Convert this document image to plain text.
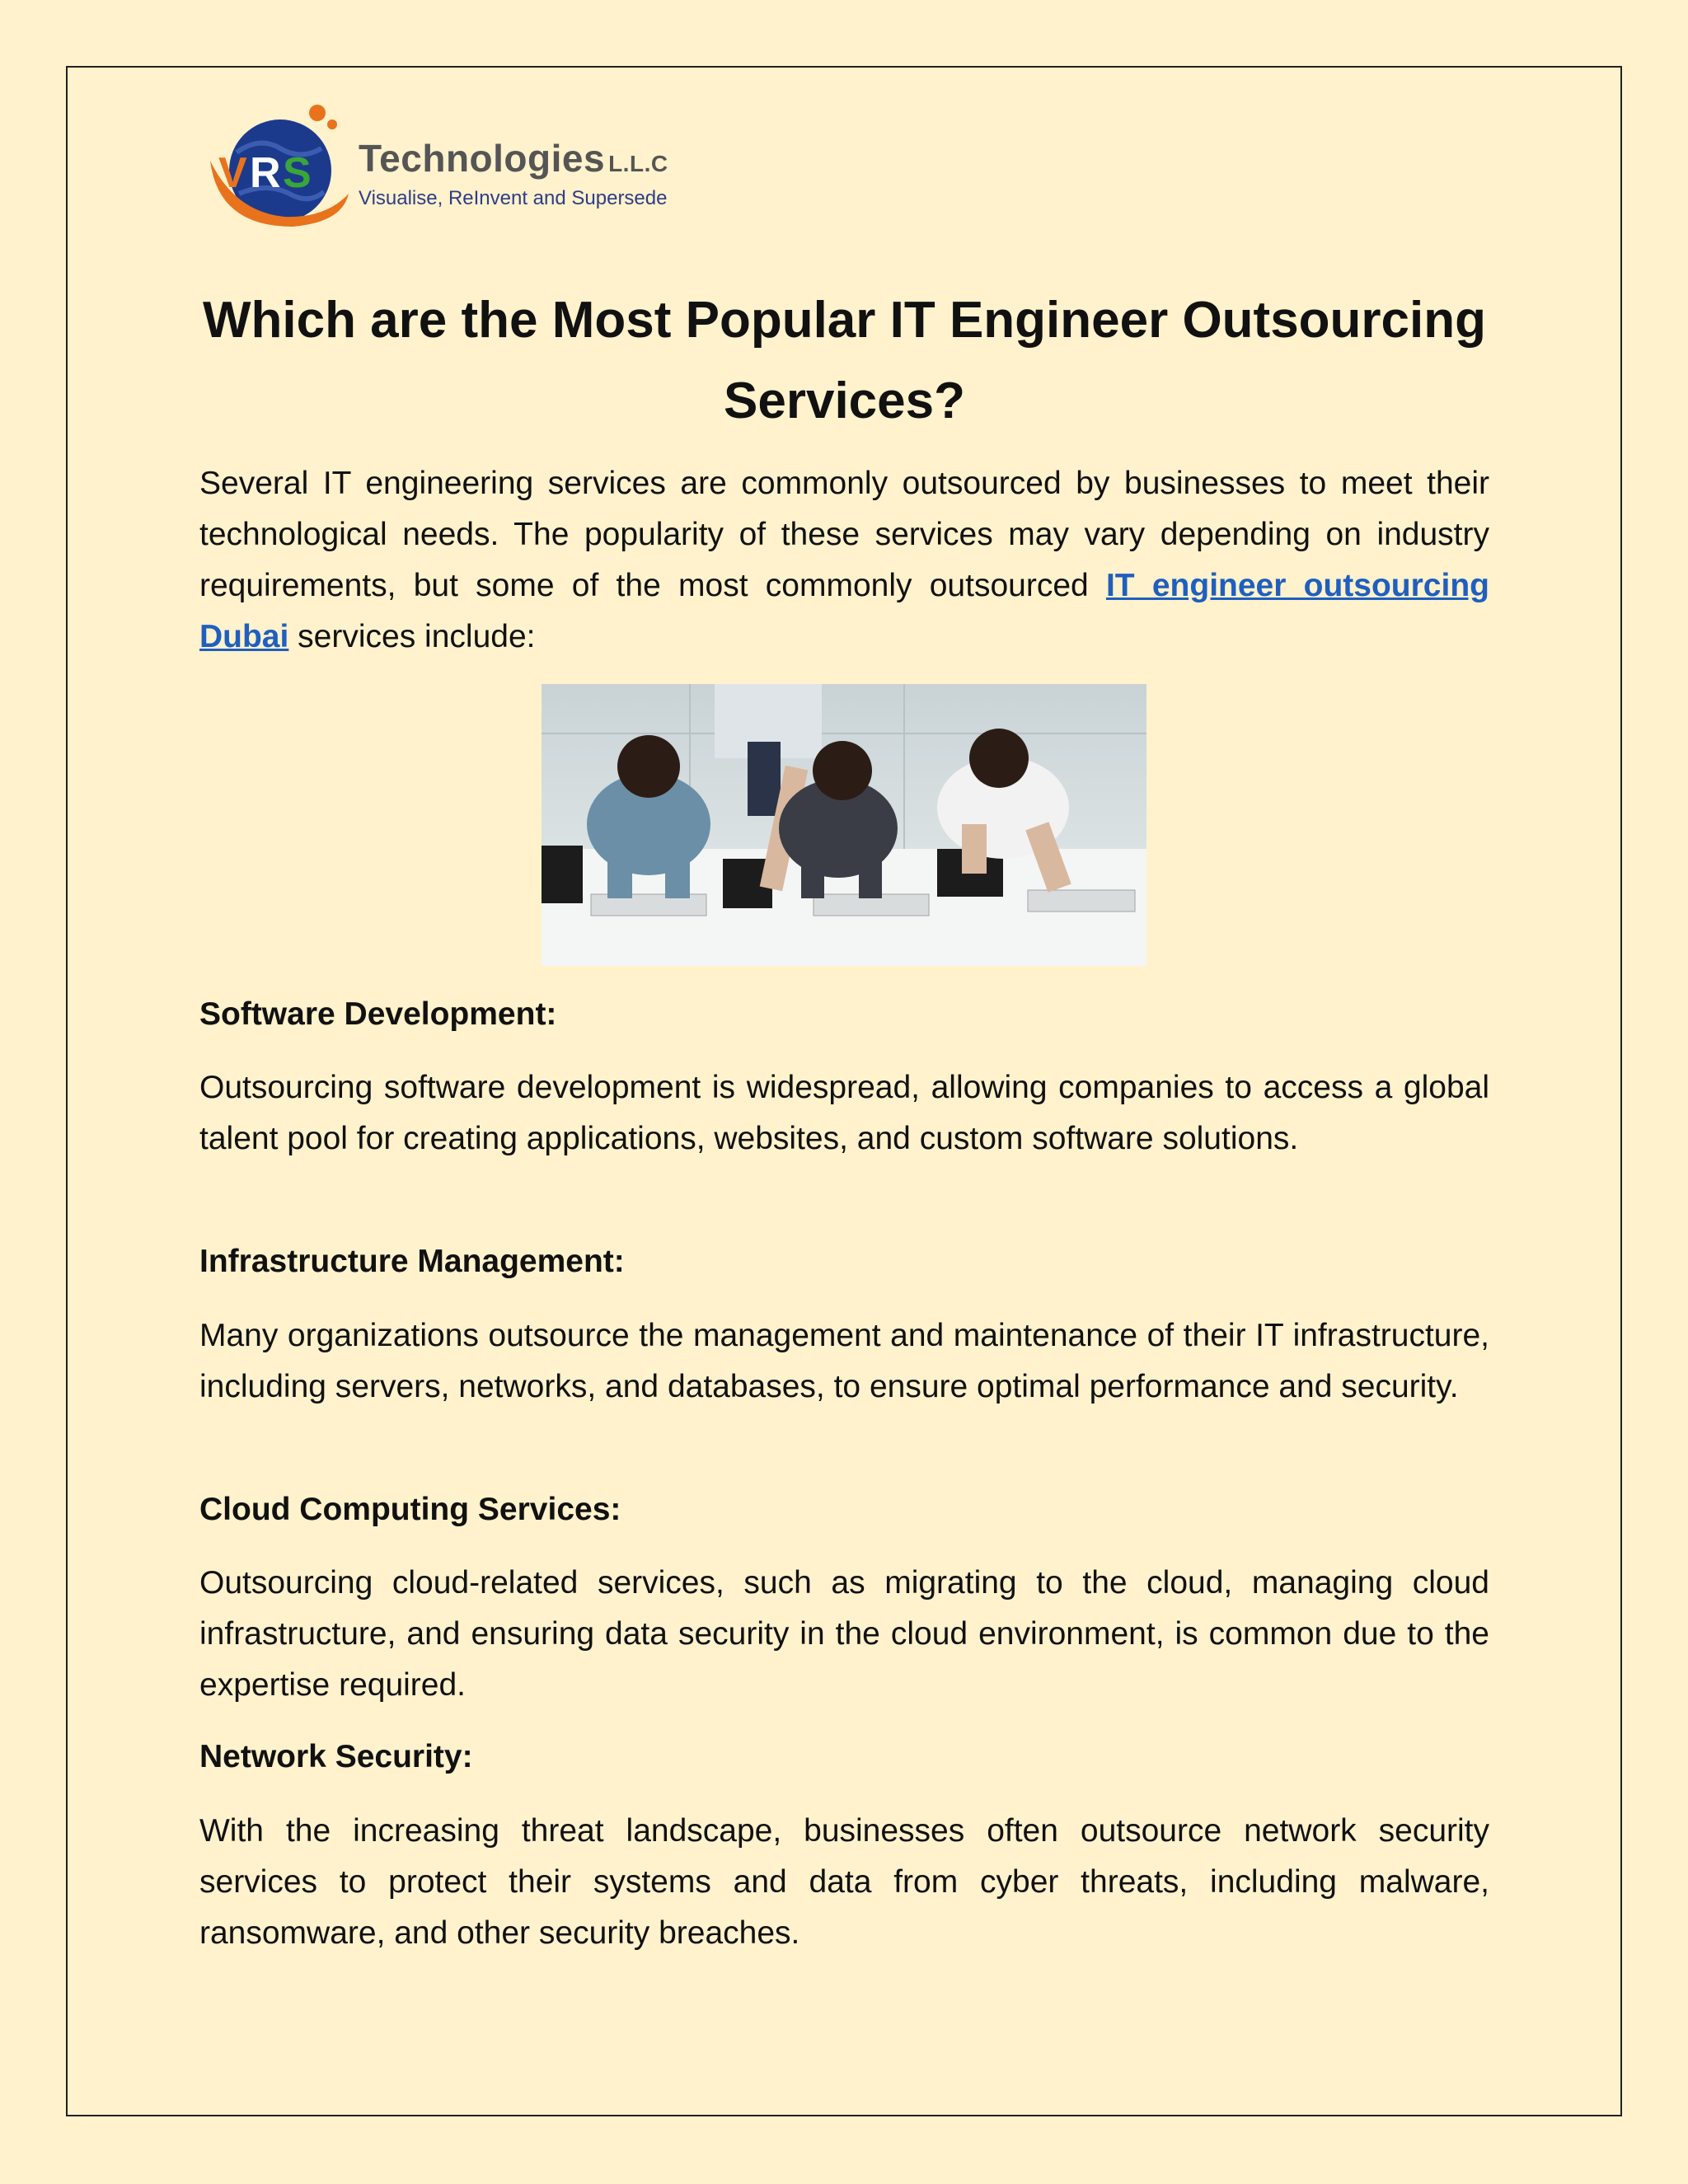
V R S Technologies L.L.C
Visualise, ReInvent and Supersede
Which are the Most Popular IT Engineer Outsourcing Services?

Several IT engineering services are commonly outsourced by businesses to meet their technological needs. The popularity of these services may vary depending on industry requirements, but some of the most commonly outsourced IT engineer outsourcing Dubai services include:

Software Development:

Outsourcing software development is widespread, allowing companies to access a global talent pool for creating applications, websites, and custom software solutions.

Infrastructure Management:

Many organizations outsource the management and maintenance of their IT infrastructure, including servers, networks, and databases, to ensure optimal performance and security.

Cloud Computing Services:

Outsourcing cloud-related services, such as migrating to the cloud, managing cloud infrastructure, and ensuring data security in the cloud environment, is common due to the expertise required.

Network Security:

With the increasing threat landscape, businesses often outsource network security services to protect their systems and data from cyber threats, including malware, ransomware, and other security breaches.
